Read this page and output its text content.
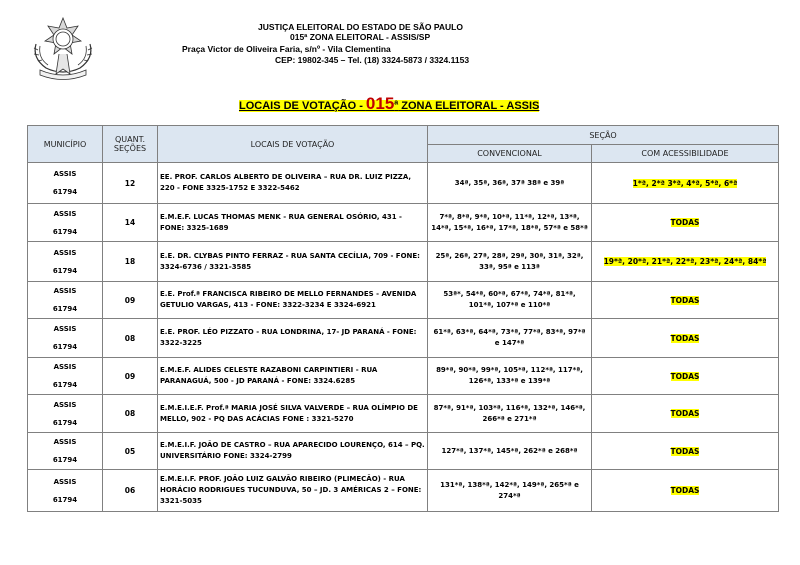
JUSTIÇA ELEITORAL DO ESTADO DE SÃO PAULO
015ª ZONA ELEITORAL - ASSIS/SP
Praça Victor de Oliveira Faria, s/nº - Vila Clementina
CEP: 19802-345 – Tel. (18) 3324-5873 / 3324.1153
LOCAIS DE VOTAÇÃO - 015$^a$ ZONA ELEITORAL - ASSIS
MUNICÍPIO	QUANT. SEÇÕES	LOCAIS DE VOTAÇÃO	SEÇÃO	
			CONVENCIONAL	COM ACESSIBILIDADE

ASSIS
61794	12	EE. PROF. CARLOS ALBERTO DE OLIVEIRA – RUA DR. LUIZ PIZZA, 220 - FONE 3325-1752 E 3322-5462	34ª, 35ª, 36ª, 37ª 38ª e 39ª	1*ª, 2*ª 3*ª, 4*ª, 5*ª, 6*ª

ASSIS
61794	14	E.M.E.F. LUCAS THOMAS MENK - RUA GENERAL OSÓRIO, 431 - FONE: 3325-1689	7*ª, 8*ª, 9*ª, 10*ª, 11*ª, 12*ª, 13*ª, 14*ª, 15*ª, 16*ª, 17*ª, 18*ª, 57*ª e 58*ª	TODAS

ASSIS
61794	18	E.E. DR. CLYBAS PINTO FERRAZ - RUA SANTA CECÍLIA, 709 - FONE: 3324-6736 / 3321-3585	25ª, 26ª, 27ª, 28ª, 29ª, 30ª, 31ª, 32ª, 33ª, 95ª e 113ª	19*ª, 20*ª, 21*ª, 22*ª, 23*ª, 24*ª, 84*ª

ASSIS
61794	09	E.E. Prof.ª FRANCISCA RIBEIRO DE MELLO FERNANDES - AVENIDA GETULIO VARGAS, 413 - FONE: 3322-3234 E 3324-6921	53ª*, 54*ª, 60*ª, 67*ª, 74*ª, 81*ª, 101*ª, 107*ª e 110*ª	TODAS

ASSIS
61794	08	E.E. PROF. LÉO PIZZATO - RUA LONDRINA, 17- JD PARANÁ - FONE: 3322-3225	61*ª, 63*ª, 64*ª, 73*ª, 77*ª, 83*ª, 97*ª e 147*ª	TODAS

ASSIS
61794	09	E.M.E.F. ALIDES CELESTE RAZABONI CARPINTIERI - RUA PARANAGUÁ, 500 - JD PARANÁ - FONE: 3324.6285	89*ª, 90*ª, 99*ª, 105*ª, 112*ª, 117*ª, 126*ª, 133*ª e 139*ª	TODAS

ASSIS
61794	08	E.M.E.I.E.F. Prof.ª MARIA JOSÉ SILVA VALVERDE – RUA OLÍMPIO DE MELLO, 902 - PQ DAS ACÁCIAS FONE : 3321-5270	87*ª, 91*ª, 103*ª, 116*ª, 132*ª, 146*ª, 266*ª e 271*ª	TODAS

ASSIS
61794	05	E.M.E.I.F. JOÃO DE CASTRO – RUA APARECIDO LOURENÇO, 614 – PQ. UNIVERSITÁRIO FONE: 3324-2799	127*ª, 137*ª, 145*ª, 262*ª e 268*ª	TODAS

ASSIS
61794	06	E.M.E.I.F. PROF. JOÃO LUIZ GALVÃO RIBEIRO (PLIMECÃO) - RUA HORÁCIO RODRIGUES TUCUNDUVA, 50 – JD. 3 AMÉRICAS 2 – FONE: 3321-5035	131*ª, 138*ª, 142*ª, 149*ª, 265*ª e 274*ª	TODAS
